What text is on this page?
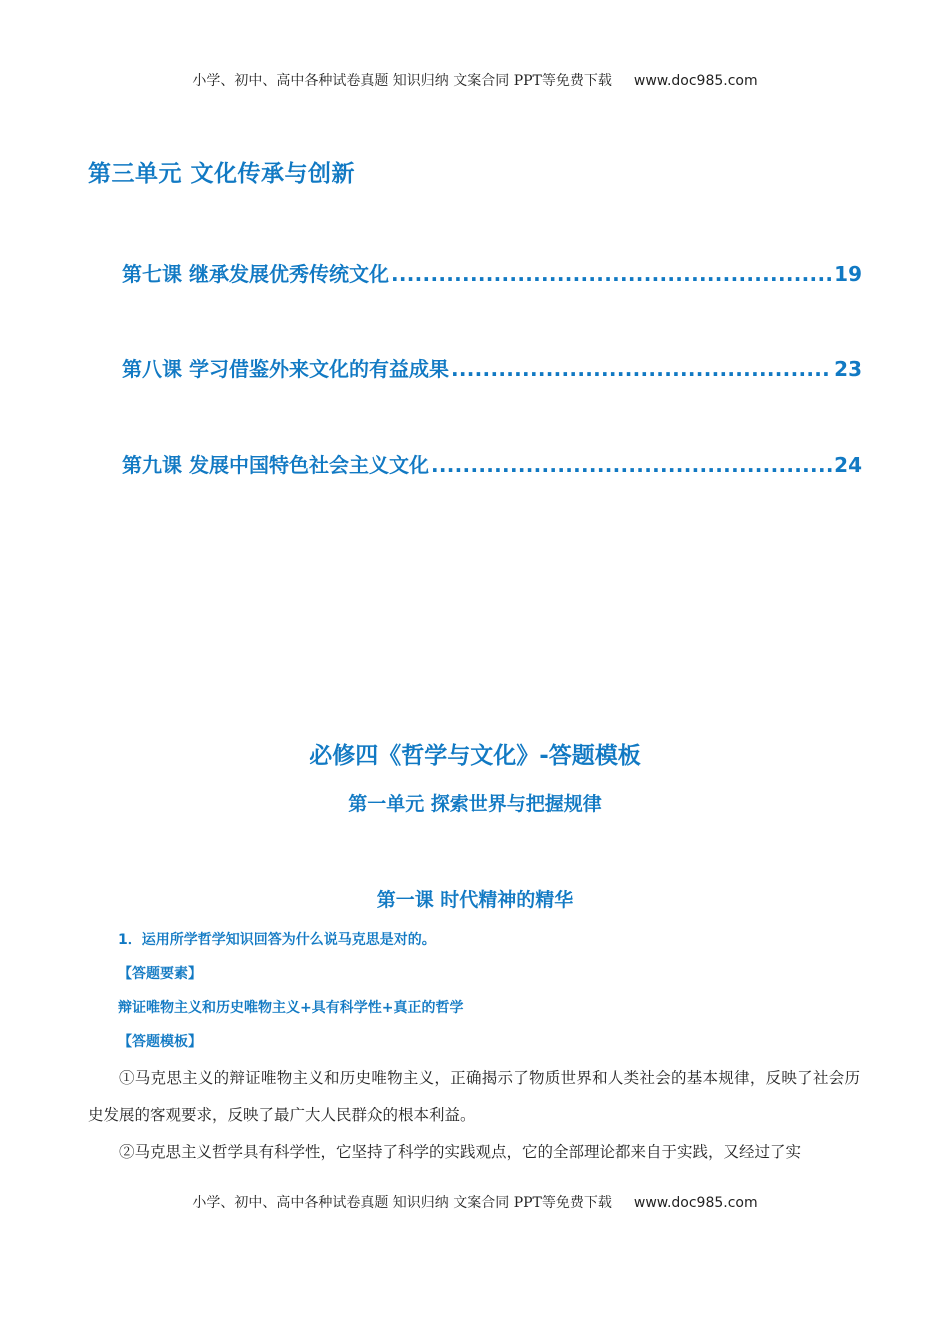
小学、初中、高中各种试卷真题 知识归纳 文案合同 PPT等免费下载 www.doc985.com
第三单元 文化传承与创新
第七课 继承发展优秀传统文化 .....	19
第八课 学习借鉴外来文化的有益成果 .....	23
第九课 发展中国特色社会主义文化 .....	24
必修四《哲学与文化》-答题模板
第一单元 探索世界与把握规律
第一课 时代精神的精华
1．运用所学哲学知识回答为什么说马克思是对的。
【答题要素】
辩证唯物主义和历史唯物主义+具有科学性+真正的哲学
【答题模板】
①马克思主义的辩证唯物主义和历史唯物主义，正确揭示了物质世界和人类社会的基本规律，反映了社会历史发展的客观要求，反映了最广大人民群众的根本利益。
②马克思主义哲学具有科学性，它坚持了科学的实践观点，它的全部理论都来自于实践，又经过了实
小学、初中、高中各种试卷真题 知识归纳 文案合同 PPT等免费下载 www.doc985.com
